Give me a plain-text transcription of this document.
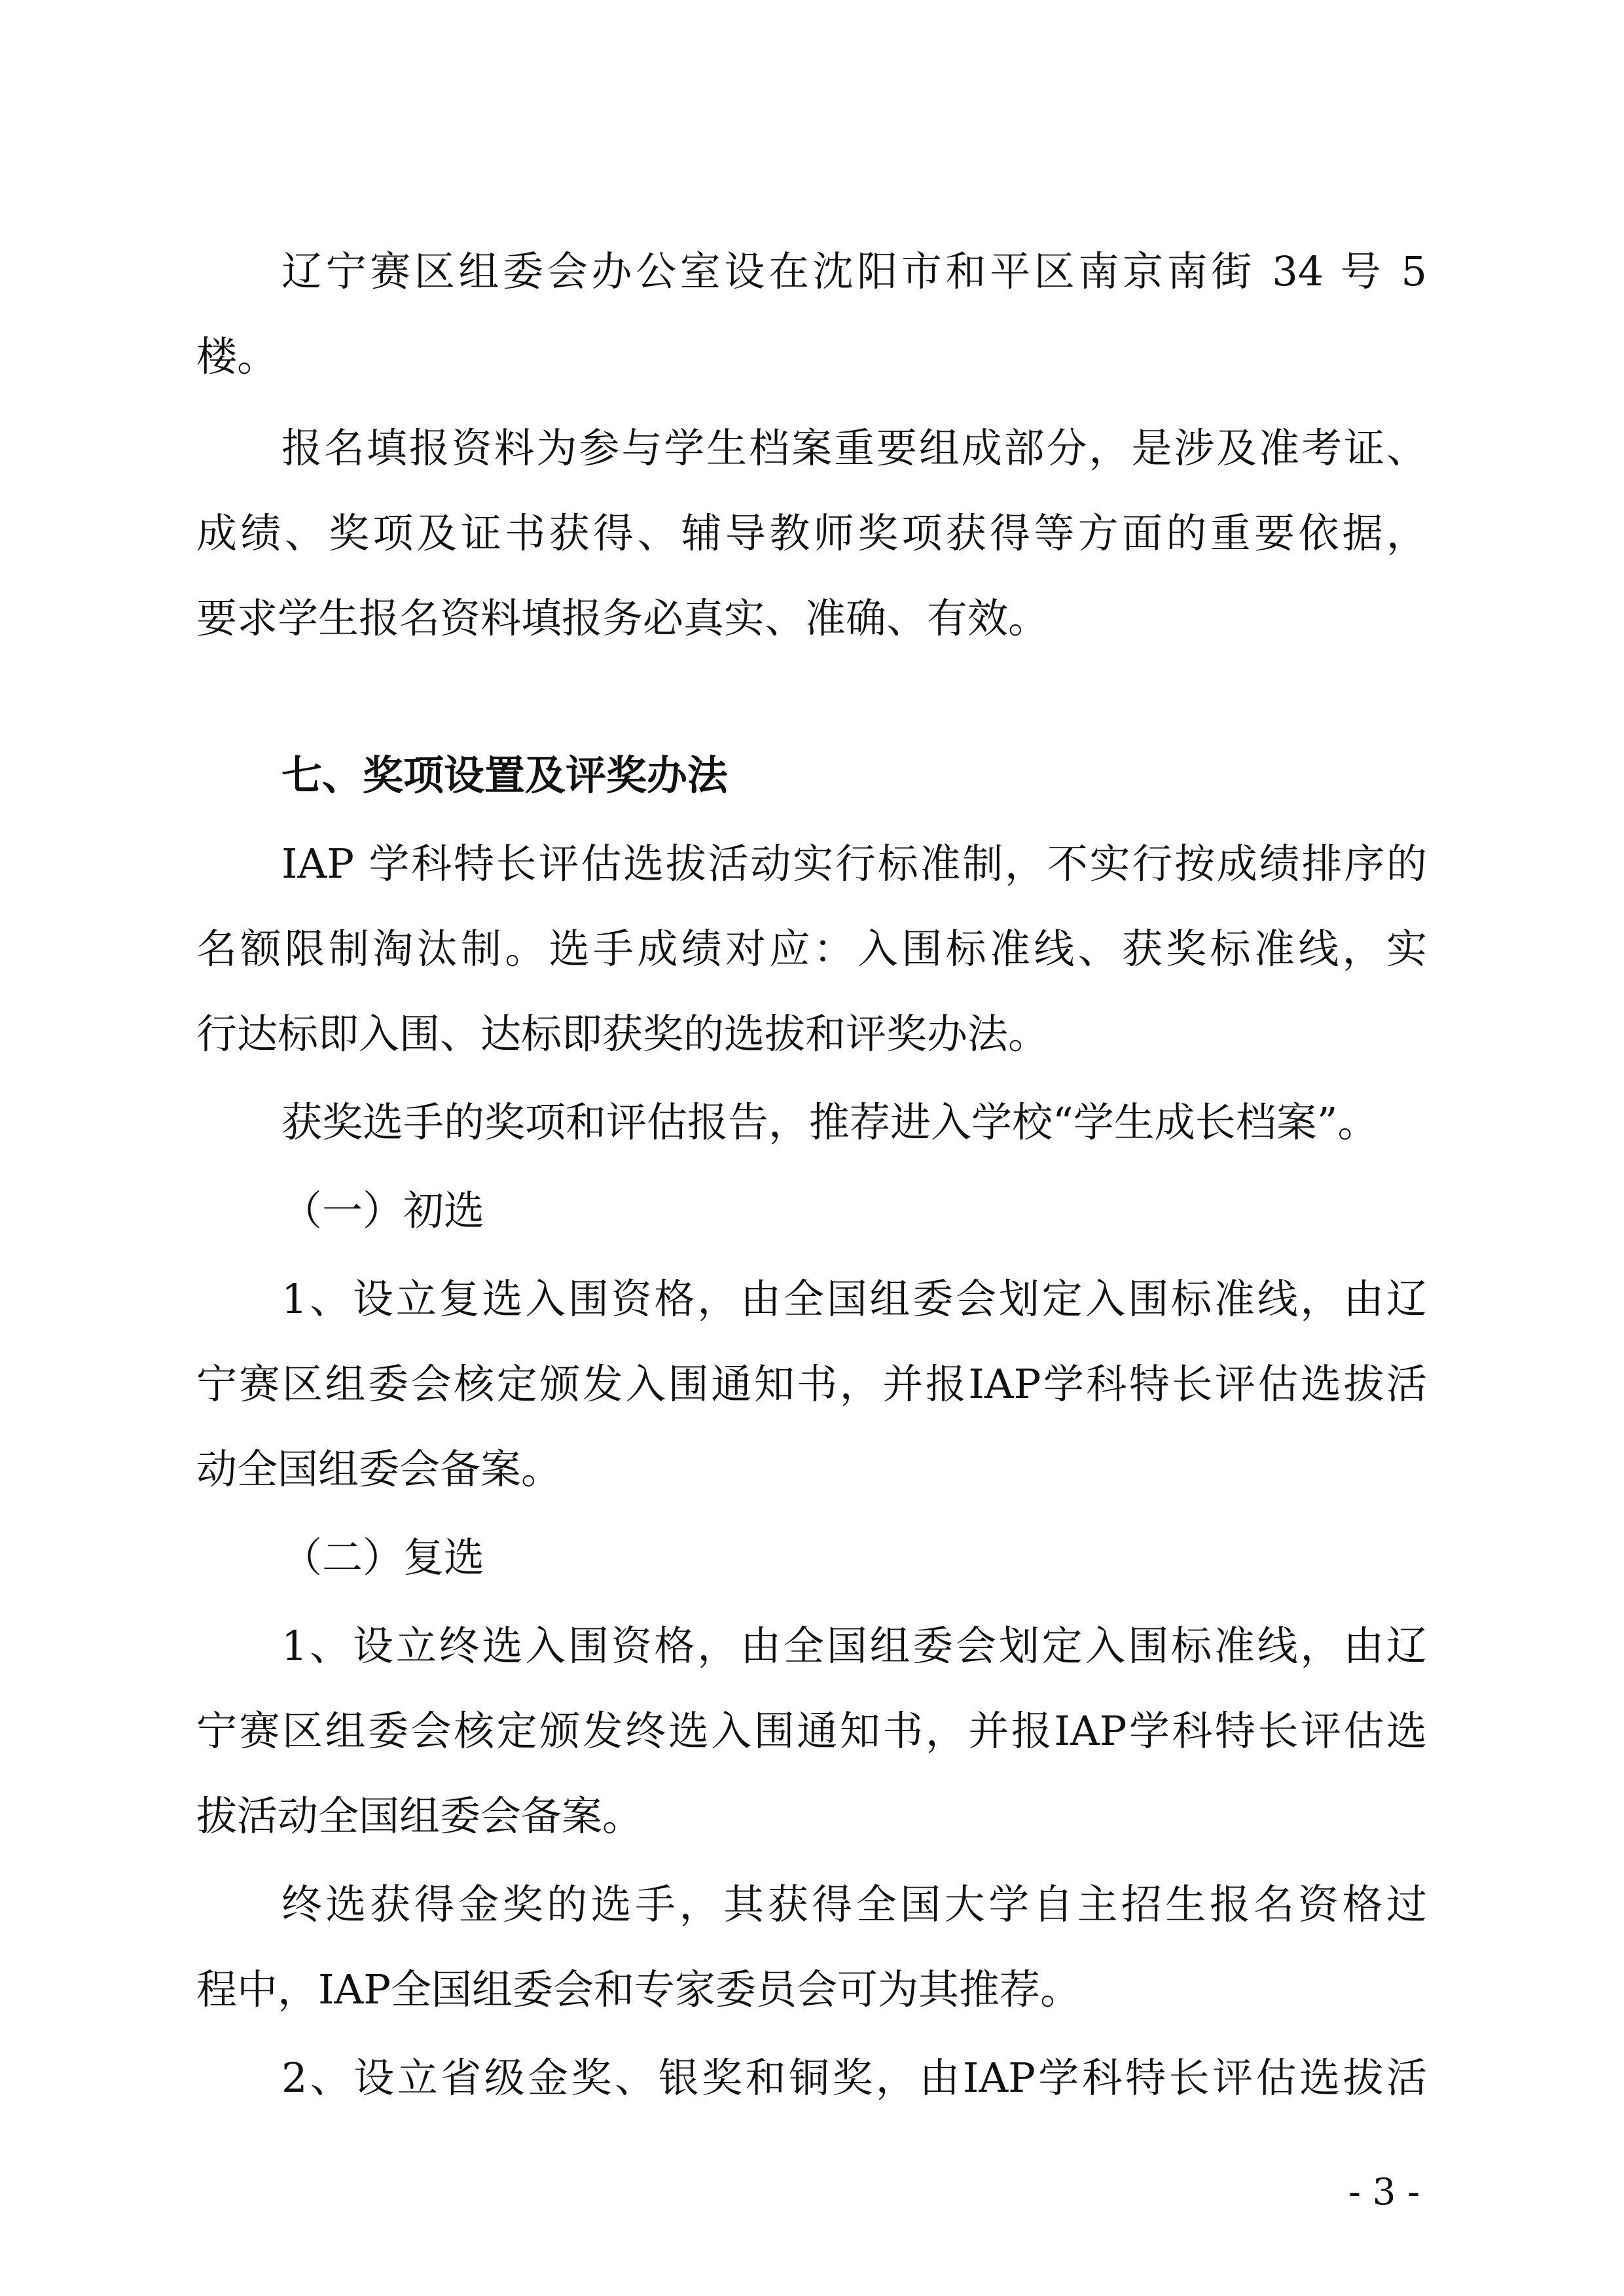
辽宁赛区组委会办公室设在沈阳市和平区南京南街 34 号 5
楼。
报名填报资料为参与学生档案重要组成部分，是涉及准考证、
成绩、奖项及证书获得、辅导教师奖项获得等方面的重要依据，
要求学生报名资料填报务必真实、准确、有效。
七、奖项设置及评奖办法
IAP 学科特长评估选拔活动实行标准制，不实行按成绩排序的
名额限制淘汰制。选手成绩对应：入围标准线、获奖标准线，实
行达标即入围、达标即获奖的选拔和评奖办法。
获奖选手的奖项和评估报告，推荐进入学校“学生成长档案”。
（一）初选
1、设立复选入围资格，由全国组委会划定入围标准线，由辽
宁赛区组委会核定颁发入围通知书，并报IAP学科特长评估选拔活
动全国组委会备案。
（二）复选
1、设立终选入围资格，由全国组委会划定入围标准线，由辽
宁赛区组委会核定颁发终选入围通知书，并报IAP学科特长评估选
拔活动全国组委会备案。
终选获得金奖的选手，其获得全国大学自主招生报名资格过
程中，IAP全国组委会和专家委员会可为其推荐。
2、设立省级金奖、银奖和铜奖，由IAP学科特长评估选拔活
- 3 -
